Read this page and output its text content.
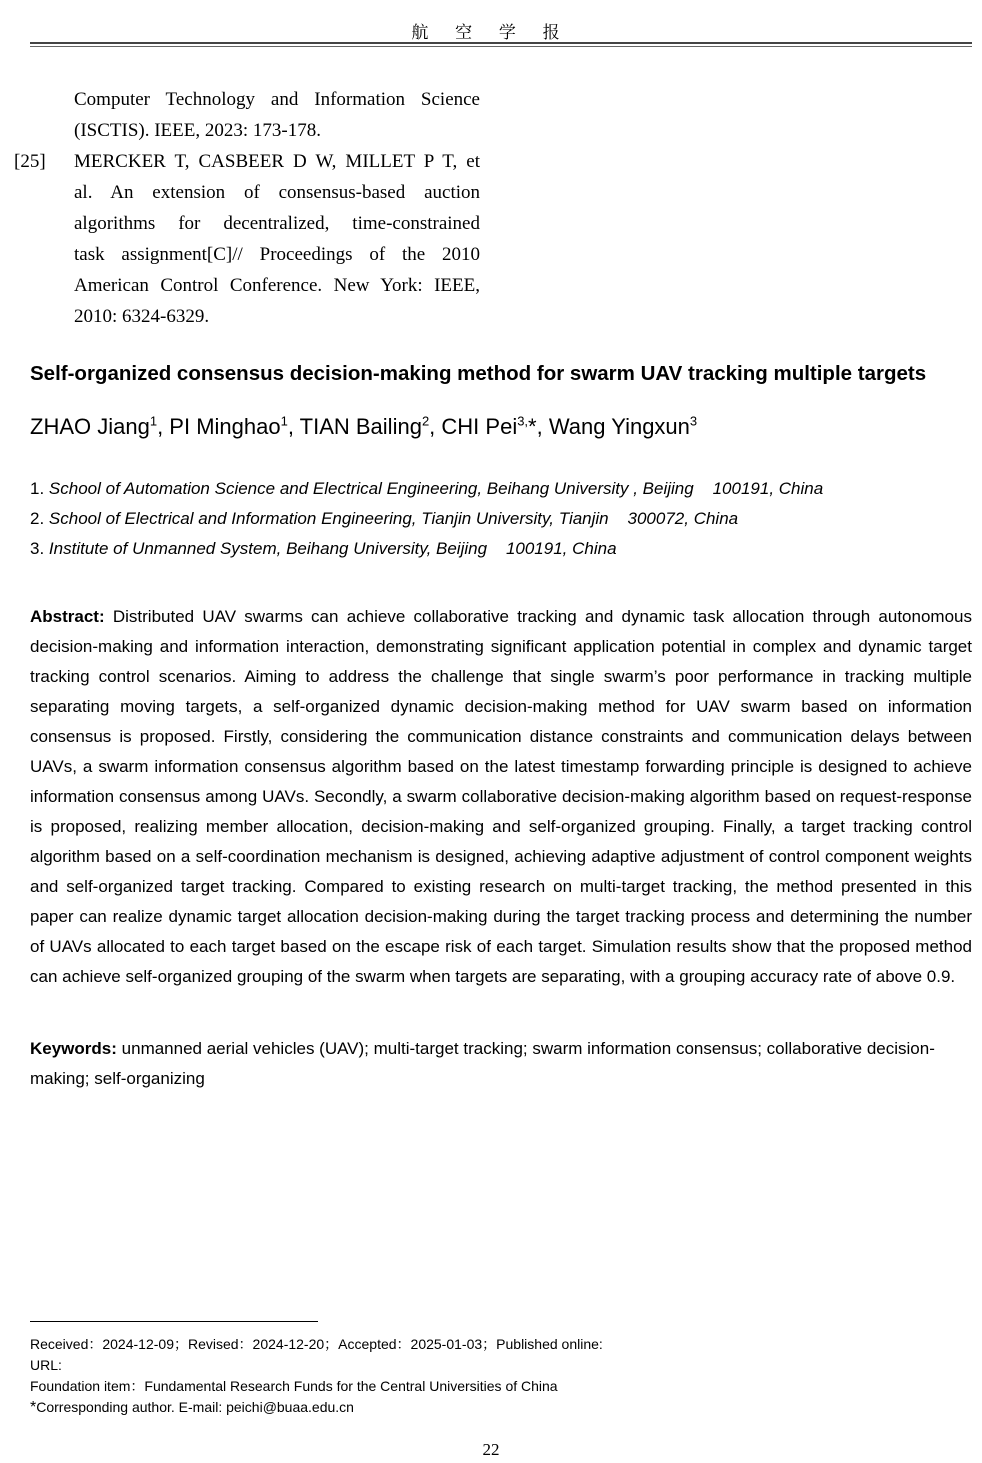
航 空 学 报
Computer Technology and Information Science
(ISCTIS). IEEE, 2023: 173-178.
[25] MERCKER T, CASBEER D W, MILLET P T, et
al. An extension of consensus-based auction
algorithms for decentralized, time-constrained
task assignment[C]// Proceedings of the 2010
American Control Conference. New York: IEEE,
2010: 6324-6329.
Self-organized consensus decision-making method for swarm UAV tracking multiple targets
ZHAO Jiang$^1$, PI Minghao$^1$, TIAN Bailing$^2$, CHI Pei$^{3,}$*, Wang Yingxun$^3$
1. School of Automation Science and Electrical Engineering, Beihang University , Beijing    100191, China
2. School of Electrical and Information Engineering, Tianjin University, Tianjin    300072, China
3. Institute of Unmanned System, Beihang University, Beijing    100191, China
Abstract: Distributed UAV swarms can achieve collaborative tracking and dynamic task allocation through autonomous decision-making and information interaction, demonstrating significant application potential in complex and dynamic target tracking control scenarios. Aiming to address the challenge that single swarm’s poor performance in tracking multiple separating moving targets, a self-organized dynamic decision-making method for UAV swarm based on information consensus is proposed. Firstly, considering the communication distance constraints and communication delays between UAVs, a swarm information consensus algorithm based on the latest timestamp forwarding principle is designed to achieve information consensus among UAVs. Secondly, a swarm collaborative decision-making algorithm based on request-response is proposed, realizing member allocation, decision-making and self-organized grouping. Finally, a target tracking control algorithm based on a self-coordination mechanism is designed, achieving adaptive adjustment of control component weights and self-organized target tracking. Compared to existing research on multi-target tracking, the method presented in this paper can realize dynamic target allocation decision-making during the target tracking process and determining the number of UAVs allocated to each target based on the escape risk of each target. Simulation results show that the proposed method can achieve self-organized grouping of the swarm when targets are separating, with a grouping accuracy rate of above 0.9.
Keywords: unmanned aerial vehicles (UAV); multi-target tracking; swarm information consensus; collaborative decision-making; self-organizing
Received：2024-12-09；Revised：2024-12-20；Accepted：2025-01-03；Published online:
URL:
Foundation item：Fundamental Research Funds for the Central Universities of China
*Corresponding author. E-mail: peichi@buaa.edu.cn
22
